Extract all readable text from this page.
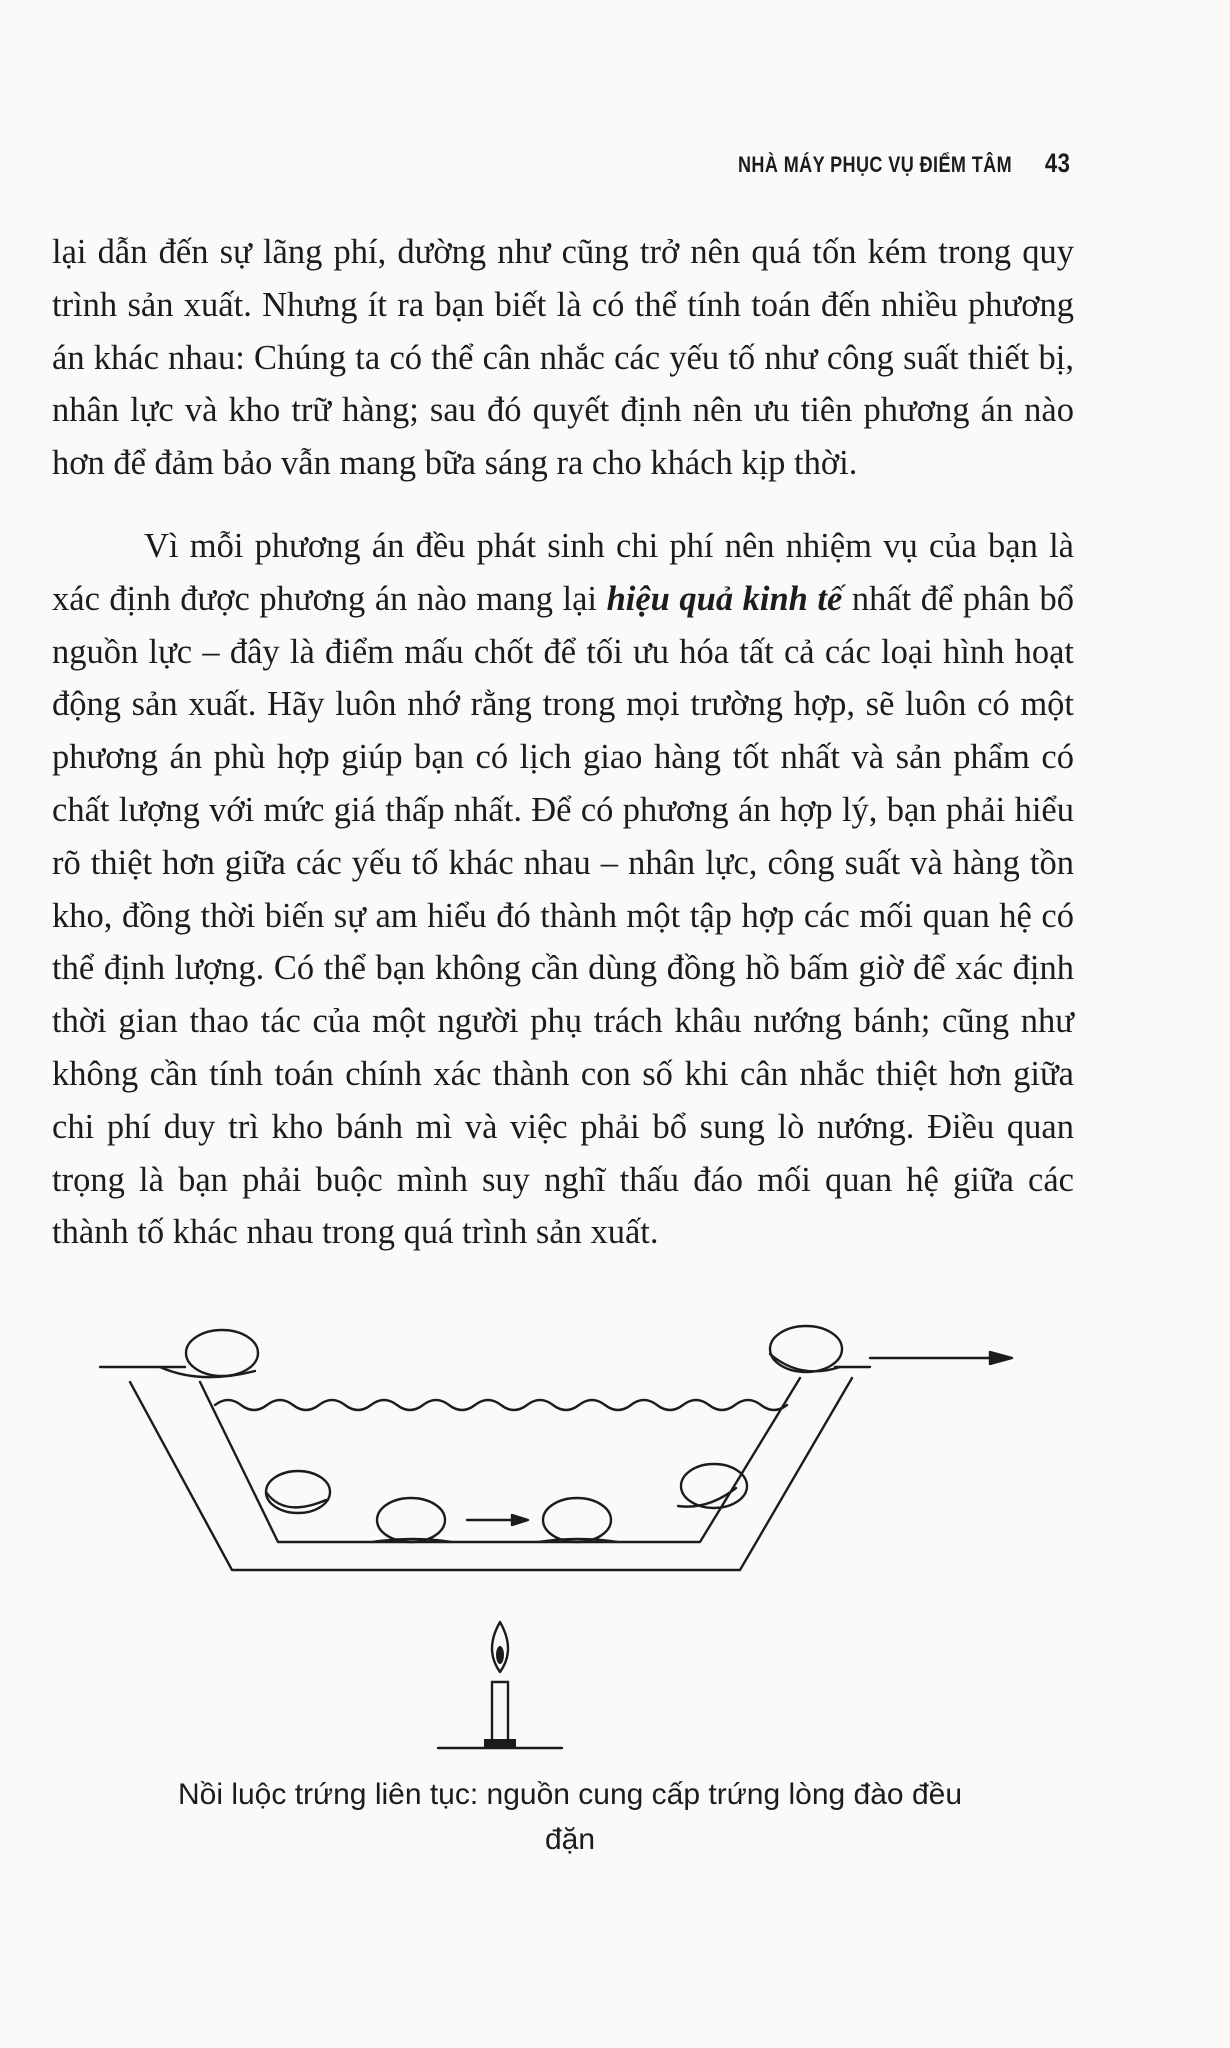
NHÀ MÁY PHỤC VỤ ĐIỂM TÂM 43

lại dẫn đến sự lãng phí, dường như cũng trở nên quá tốn kém trong quy trình sản xuất. Nhưng ít ra bạn biết là có thể tính toán đến nhiều phương án khác nhau: Chúng ta có thể cân nhắc các yếu tố như công suất thiết bị, nhân lực và kho trữ hàng; sau đó quyết định nên ưu tiên phương án nào hơn để đảm bảo vẫn mang bữa sáng ra cho khách kịp thời.

Vì mỗi phương án đều phát sinh chi phí nên nhiệm vụ của bạn là xác định được phương án nào mang lại hiệu quả kinh tế nhất để phân bổ nguồn lực – đây là điểm mấu chốt để tối ưu hóa tất cả các loại hình hoạt động sản xuất. Hãy luôn nhớ rằng trong mọi trường hợp, sẽ luôn có một phương án phù hợp giúp bạn có lịch giao hàng tốt nhất và sản phẩm có chất lượng với mức giá thấp nhất. Để có phương án hợp lý, bạn phải hiểu rõ thiệt hơn giữa các yếu tố khác nhau – nhân lực, công suất và hàng tồn kho, đồng thời biến sự am hiểu đó thành một tập hợp các mối quan hệ có thể định lượng. Có thể bạn không cần dùng đồng hồ bấm giờ để xác định thời gian thao tác của một người phụ trách khâu nướng bánh; cũng như không cần tính toán chính xác thành con số khi cân nhắc thiệt hơn giữa chi phí duy trì kho bánh mì và việc phải bổ sung lò nướng. Điều quan trọng là bạn phải buộc mình suy nghĩ thấu đáo mối quan hệ giữa các thành tố khác nhau trong quá trình sản xuất.

Nồi luộc trứng liên tục: nguồn cung cấp trứng lòng đào đều đặn
